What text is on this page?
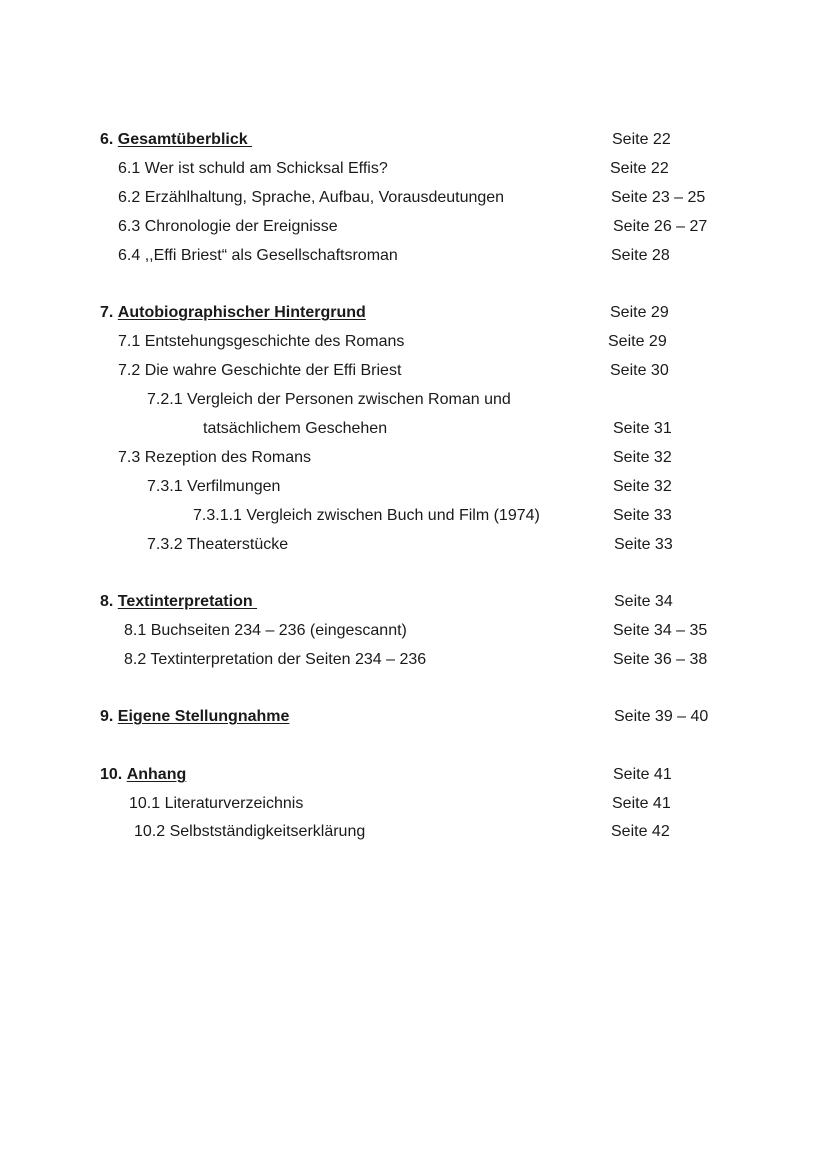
6. Gesamtüberblick	Seite 22
6.1 Wer ist schuld am Schicksal Effis?	Seite 22
6.2 Erzählhaltung, Sprache, Aufbau, Vorausdeutungen	Seite 23 – 25
6.3 Chronologie der Ereignisse	Seite 26 – 27
6.4 ,,Effi Briest“ als Gesellschaftsroman	Seite 28
7. Autobiographischer Hintergrund	Seite 29
7.1 Entstehungsgeschichte des Romans	Seite 29
7.2 Die wahre Geschichte der Effi Briest	Seite 30
7.2.1 Vergleich der Personen zwischen Roman und
tatsächlichem Geschehen	Seite 31
7.3 Rezeption des Romans	Seite 32
7.3.1 Verfilmungen	Seite 32
7.3.1.1 Vergleich zwischen Buch und Film (1974)	Seite 33
7.3.2 Theaterstücke	Seite 33
8. Textinterpretation	Seite 34
8.1 Buchseiten 234 – 236 (eingescannt)	Seite 34 – 35
8.2 Textinterpretation der Seiten 234 – 236	Seite 36 – 38
9. Eigene Stellungnahme	Seite 39 – 40
10. Anhang	Seite 41
10.1 Literaturverzeichnis	Seite 41
10.2 Selbstständigkeitserklärung	Seite 42
